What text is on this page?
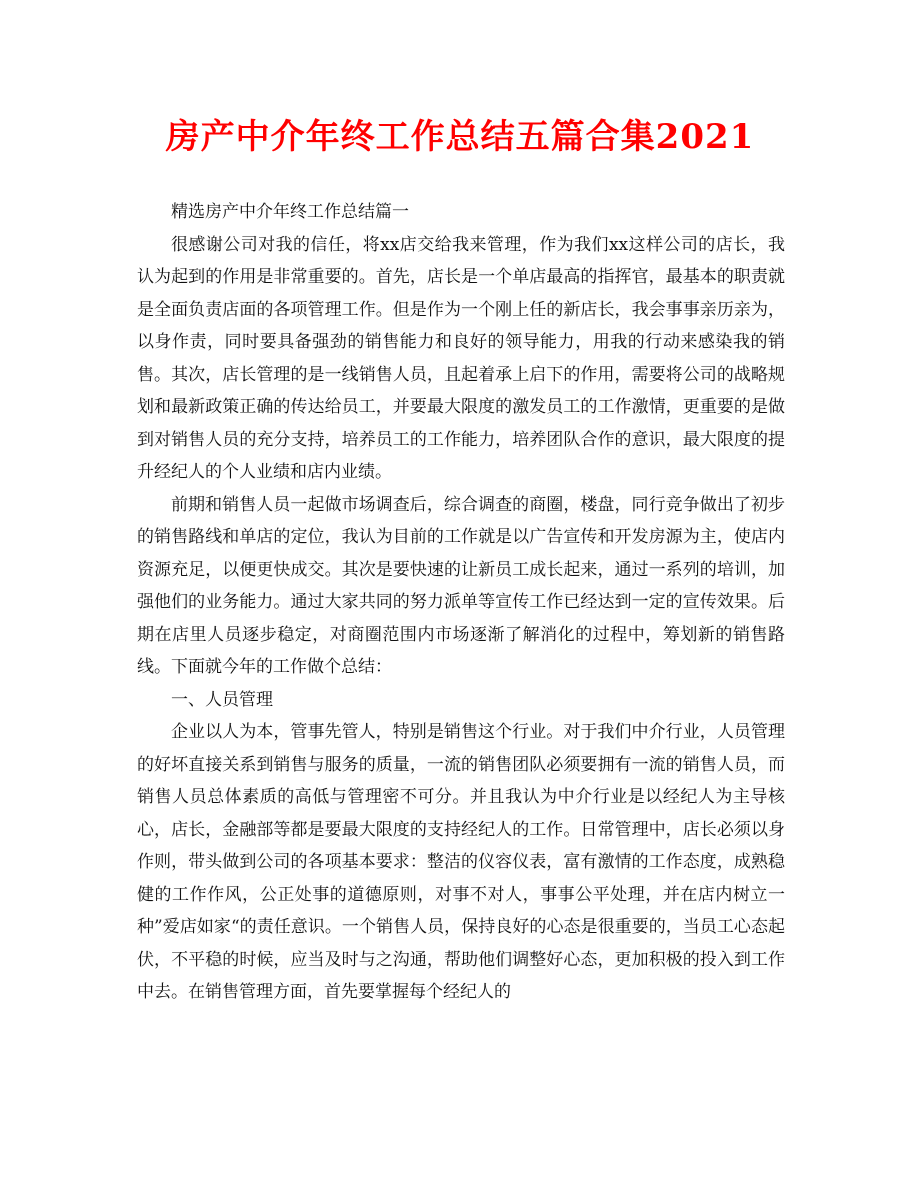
房产中介年终工作总结五篇合集2021

精选房产中介年终工作总结篇一

很感谢公司对我的信任，将xx店交给我来管理，作为我们xx这样公司的店长，我认为起到的作用是非常重要的。首先，店长是一个单店最高的指挥官，最基本的职责就是全面负责店面的各项管理工作。但是作为一个刚上任的新店长，我会事事亲历亲为，以身作责，同时要具备强劲的销售能力和良好的领导能力，用我的行动来感染我的销售。其次，店长管理的是一线销售人员，且起着承上启下的作用，需要将公司的战略规划和最新政策正确的传达给员工，并要最大限度的激发员工的工作激情，更重要的是做到对销售人员的充分支持，培养员工的工作能力，培养团队合作的意识，最大限度的提升经纪人的个人业绩和店内业绩。

前期和销售人员一起做市场调查后，综合调查的商圈，楼盘，同行竞争做出了初步的销售路线和单店的定位，我认为目前的工作就是以广告宣传和开发房源为主，使店内资源充足，以便更快成交。其次是要快速的让新员工成长起来，通过一系列的培训，加强他们的业务能力。通过大家共同的努力派单等宣传工作已经达到一定的宣传效果。后期在店里人员逐步稳定，对商圈范围内市场逐渐了解消化的过程中，筹划新的销售路线。下面就今年的工作做个总结：

一、人员管理

企业以人为本，管事先管人，特别是销售这个行业。对于我们中介行业，人员管理的好坏直接关系到销售与服务的质量，一流的销售团队必须要拥有一流的销售人员，而销售人员总体素质的高低与管理密不可分。并且我认为中介行业是以经纪人为主导核心，店长，金融部等都是要最大限度的支持经纪人的工作。日常管理中，店长必须以身作则，带头做到公司的各项基本要求：整洁的仪容仪表，富有激情的工作态度，成熟稳健的工作作风，公正处事的道德原则，对事不对人，事事公平处理，并在店内树立一种”爱店如家“的责任意识。一个销售人员，保持良好的心态是很重要的，当员工心态起伏，不平稳的时候，应当及时与之沟通，帮助他们调整好心态，更加积极的投入到工作中去。在销售管理方面，首先要掌握每个经纪人的
